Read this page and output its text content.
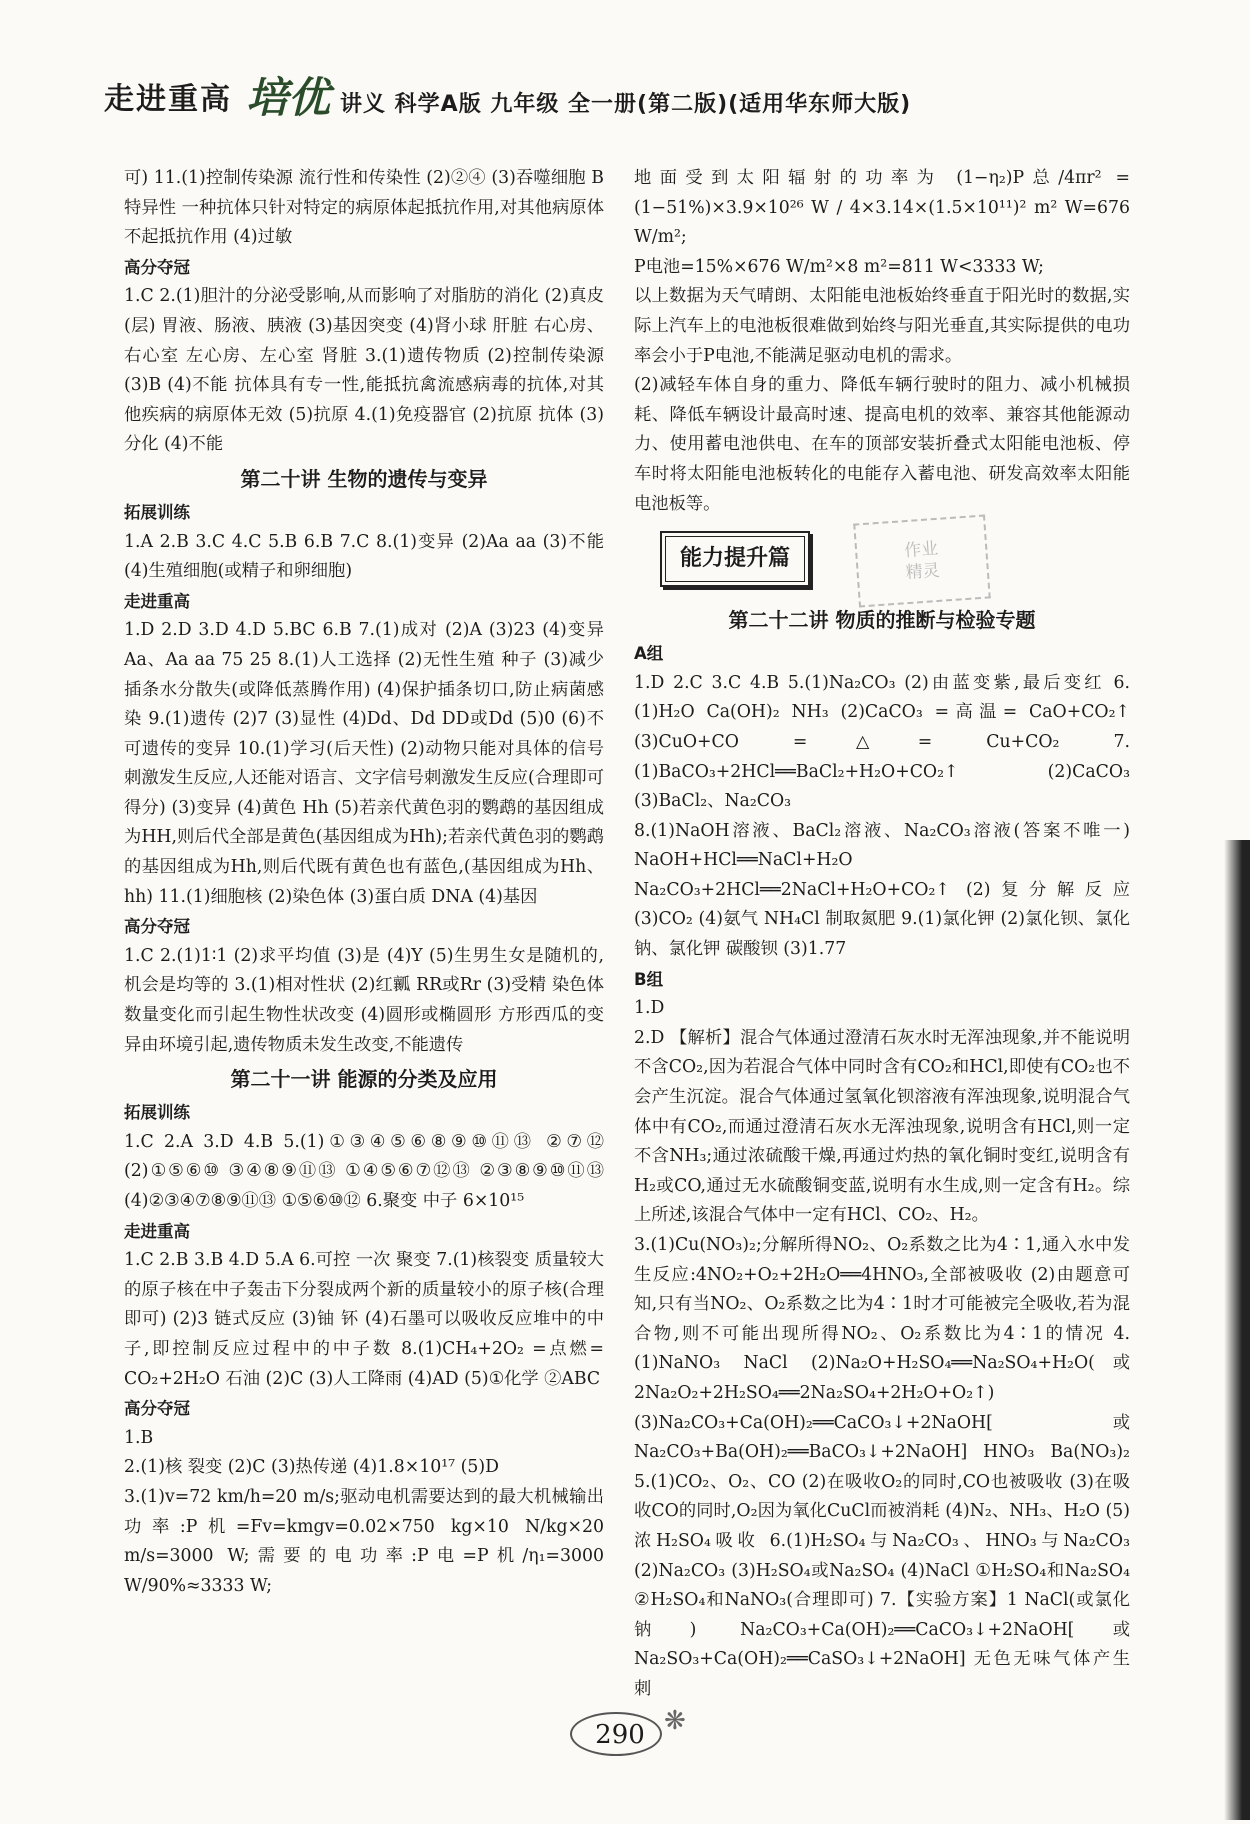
走进重高 培优 讲义 科学A版 九年级 全一册(第二版)(适用华东师大版)

可) 11.(1)控制传染源 流行性和传染性 (2)②④ (3)吞噬细胞 B 特异性 一种抗体只针对特定的病原体起抵抗作用,对其他病原体不起抵抗作用 (4)过敏

高分夺冠

1.C 2.(1)胆汁的分泌受影响,从而影响了对脂肪的消化 (2)真皮(层) 胃液、肠液、胰液 (3)基因突变 (4)肾小球 肝脏 右心房、右心室 左心房、左心室 肾脏 3.(1)遗传物质 (2)控制传染源 (3)B (4)不能 抗体具有专一性,能抵抗禽流感病毒的抗体,对其他疾病的病原体无效 (5)抗原 4.(1)免疫器官 (2)抗原 抗体 (3)分化 (4)不能

第二十讲 生物的遗传与变异
拓展训练

1.A 2.B 3.C 4.C 5.B 6.B 7.C 8.(1)变异 (2)Aa aa (3)不能 (4)生殖细胞(或精子和卵细胞)

走进重高

1.D 2.D 3.D 4.D 5.BC 6.B 7.(1)成对 (2)A (3)23 (4)变异 Aa、Aa aa 75 25 8.(1)人工选择 (2)无性生殖 种子 (3)减少插条水分散失(或降低蒸腾作用) (4)保护插条切口,防止病菌感染 9.(1)遗传 (2)7 (3)显性 (4)Dd、Dd DD或Dd (5)0 (6)不可遗传的变异 10.(1)学习(后天性) (2)动物只能对具体的信号刺激发生反应,人还能对语言、文字信号刺激发生反应(合理即可得分) (3)变异 (4)黄色 Hh (5)若亲代黄色羽的鹦鹉的基因组成为HH,则后代全部是黄色(基因组成为Hh);若亲代黄色羽的鹦鹉的基因组成为Hh,则后代既有黄色也有蓝色,(基因组成为Hh、hh) 11.(1)细胞核 (2)染色体 (3)蛋白质 DNA (4)基因

高分夺冠

1.C 2.(1)1∶1 (2)求平均值 (3)是 (4)Y (5)生男生女是随机的,机会是均等的 3.(1)相对性状 (2)红瓤 RR或Rr (3)受精 染色体数量变化而引起生物性状改变 (4)圆形或椭圆形 方形西瓜的变异由环境引起,遗传物质未发生改变,不能遗传

第二十一讲 能源的分类及应用
拓展训练

1.C 2.A 3.D 4.B 5.(1)①③④⑤⑥⑧⑨⑩⑪⑬ ②⑦⑫ (2)①⑤⑥⑩ ③④⑧⑨⑪⑬ ①④⑤⑥⑦⑫⑬ ②③⑧⑨⑩⑪⑬ (4)②③④⑦⑧⑨⑪⑬ ①⑤⑥⑩⑫ 6.聚变 中子 6×10¹⁵

走进重高

1.C 2.B 3.B 4.D 5.A 6.可控 一次 聚变 7.(1)核裂变 质量较大的原子核在中子轰击下分裂成两个新的质量较小的原子核(合理即可) (2)3 链式反应 (3)铀 钚 (4)石墨可以吸收反应堆中的中子,即控制反应过程中的中子数 8.(1)CH₄+2O₂ =点燃= CO₂+2H₂O 石油 (2)C (3)人工降雨 (4)AD (5)①化学 ②ABC

高分夺冠

1.B

2.(1)核 裂变 (2)C (3)热传递 (4)1.8×10¹⁷ (5)D

3.(1)v=72 km/h=20 m/s;驱动电机需要达到的最大机械输出功率:P机=Fv=kmgv=0.02×750 kg×10 N/kg×20 m/s=3000 W;需要的电功率:P电=P机/η₁=3000 W/90%≈3333 W;

地面受到太阳辐射的功率为 (1−η₂)P总/4πr² = (1−51%)×3.9×10²⁶ W / 4×3.14×(1.5×10¹¹)² m² W=676 W/m²;

P电池=15%×676 W/m²×8 m²=811 W<3333 W;

以上数据为天气晴朗、太阳能电池板始终垂直于阳光时的数据,实际上汽车上的电池板很难做到始终与阳光垂直,其实际提供的电功率会小于P电池,不能满足驱动电机的需求。

(2)减轻车体自身的重力、降低车辆行驶时的阻力、减小机械损耗、降低车辆设计最高时速、提高电机的效率、兼容其他能源动力、使用蓄电池供电、在车的顶部安装折叠式太阳能电池板、停车时将太阳能电池板转化的电能存入蓄电池、研发高效率太阳能电池板等。

能力提升篇	作业
精灵
第二十二讲 物质的推断与检验专题
A组

1.D 2.C 3.C 4.B 5.(1)Na₂CO₃ (2)由蓝变紫,最后变红 6.(1)H₂O Ca(OH)₂ NH₃ (2)CaCO₃ =高温= CaO+CO₂↑ (3)CuO+CO =△= Cu+CO₂ 7.(1)BaCO₃+2HCl══BaCl₂+H₂O+CO₂↑ (2)CaCO₃ (3)BaCl₂、Na₂CO₃

8.(1)NaOH溶液、BaCl₂溶液、Na₂CO₃溶液(答案不唯一) NaOH+HCl══NaCl+H₂O Na₂CO₃+2HCl══2NaCl+H₂O+CO₂↑ (2)复分解反应 (3)CO₂ (4)氨气 NH₄Cl 制取氮肥 9.(1)氯化钾 (2)氯化钡、氯化钠、氯化钾 碳酸钡 (3)1.77

B组

1.D

2.D 【解析】混合气体通过澄清石灰水时无浑浊现象,并不能说明不含CO₂,因为若混合气体中同时含有CO₂和HCl,即使有CO₂也不会产生沉淀。混合气体通过氢氧化钡溶液有浑浊现象,说明混合气体中有CO₂,而通过澄清石灰水无浑浊现象,说明含有HCl,则一定不含NH₃;通过浓硫酸干燥,再通过灼热的氧化铜时变红,说明含有H₂或CO,通过无水硫酸铜变蓝,说明有水生成,则一定含有H₂。综上所述,该混合气体中一定有HCl、CO₂、H₂。

3.(1)Cu(NO₃)₂;分解所得NO₂、O₂系数之比为4∶1,通入水中发生反应:4NO₂+O₂+2H₂O══4HNO₃,全部被吸收 (2)由题意可知,只有当NO₂、O₂系数之比为4∶1时才可能被完全吸收,若为混合物,则不可能出现所得NO₂、O₂系数比为4∶1的情况 4.(1)NaNO₃ NaCl (2)Na₂O+H₂SO₄══Na₂SO₄+H₂O(或2Na₂O₂+2H₂SO₄══2Na₂SO₄+2H₂O+O₂↑) (3)Na₂CO₃+Ca(OH)₂══CaCO₃↓+2NaOH[或Na₂CO₃+Ba(OH)₂══BaCO₃↓+2NaOH] HNO₃ Ba(NO₃)₂ 5.(1)CO₂、O₂、CO (2)在吸收O₂的同时,CO也被吸收 (3)在吸收CO的同时,O₂因为氧化CuCl而被消耗 (4)N₂、NH₃、H₂O (5)浓H₂SO₄吸收 6.(1)H₂SO₄与Na₂CO₃、HNO₃与Na₂CO₃ (2)Na₂CO₃ (3)H₂SO₄或Na₂SO₄ (4)NaCl ①H₂SO₄和Na₂SO₄ ②H₂SO₄和NaNO₃(合理即可) 7.【实验方案】1 NaCl(或氯化钠) Na₂CO₃+Ca(OH)₂══CaCO₃↓+2NaOH[或Na₂SO₃+Ca(OH)₂══CaSO₃↓+2NaOH] 无色无味气体产生 刺

290 ❋
